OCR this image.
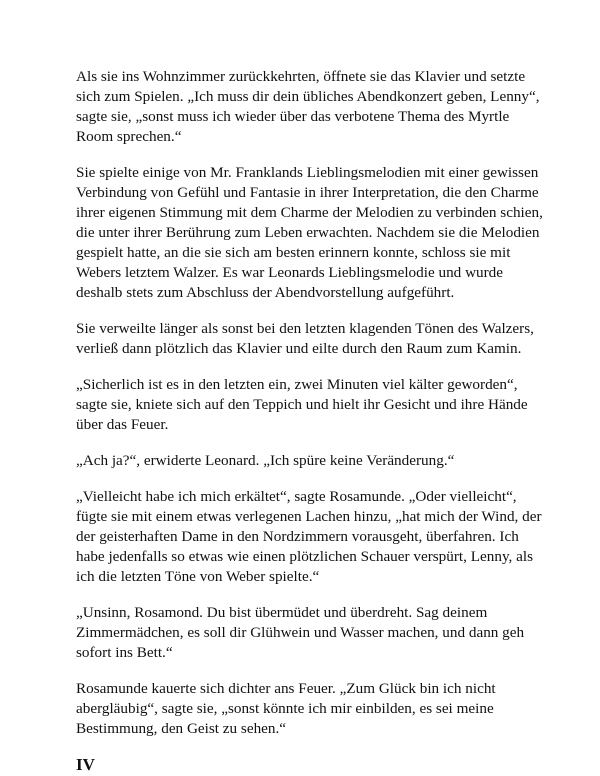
Als sie ins Wohnzimmer zurückkehrten, öffnete sie das Klavier und setzte sich zum Spielen. „Ich muss dir dein übliches Abendkonzert geben, Lenny“, sagte sie, „sonst muss ich wieder über das verbotene Thema des Myrtle Room sprechen.“

Sie spielte einige von Mr. Franklands Lieblingsmelodien mit einer gewissen Verbindung von Gefühl und Fantasie in ihrer Interpretation, die den Charme ihrer eigenen Stimmung mit dem Charme der Melodien zu verbinden schien, die unter ihrer Berührung zum Leben erwachten. Nachdem sie die Melodien gespielt hatte, an die sie sich am besten erinnern konnte, schloss sie mit Webers letztem Walzer. Es war Leonards Lieblingsmelodie und wurde deshalb stets zum Abschluss der Abendvorstellung aufgeführt.

Sie verweilte länger als sonst bei den letzten klagenden Tönen des Walzers, verließ dann plötzlich das Klavier und eilte durch den Raum zum Kamin.

„Sicherlich ist es in den letzten ein, zwei Minuten viel kälter geworden“, sagte sie, kniete sich auf den Teppich und hielt ihr Gesicht und ihre Hände über das Feuer.

„Ach ja?“, erwiderte Leonard. „Ich spüre keine Veränderung.“

„Vielleicht habe ich mich erkältet“, sagte Rosamunde. „Oder vielleicht“, fügte sie mit einem etwas verlegenen Lachen hinzu, „hat mich der Wind, der der geisterhaften Dame in den Nordzimmern vorausgeht, überfahren. Ich habe jedenfalls so etwas wie einen plötzlichen Schauer verspürt, Lenny, als ich die letzten Töne von Weber spielte.“

„Unsinn, Rosamond. Du bist übermüdet und überdreht. Sag deinem Zimmermädchen, es soll dir Glühwein und Wasser machen, und dann geh sofort ins Bett.“

Rosamunde kauerte sich dichter ans Feuer. „Zum Glück bin ich nicht abergläubig“, sagte sie, „sonst könnte ich mir einbilden, es sei meine Bestimmung, den Geist zu sehen.“

IV
